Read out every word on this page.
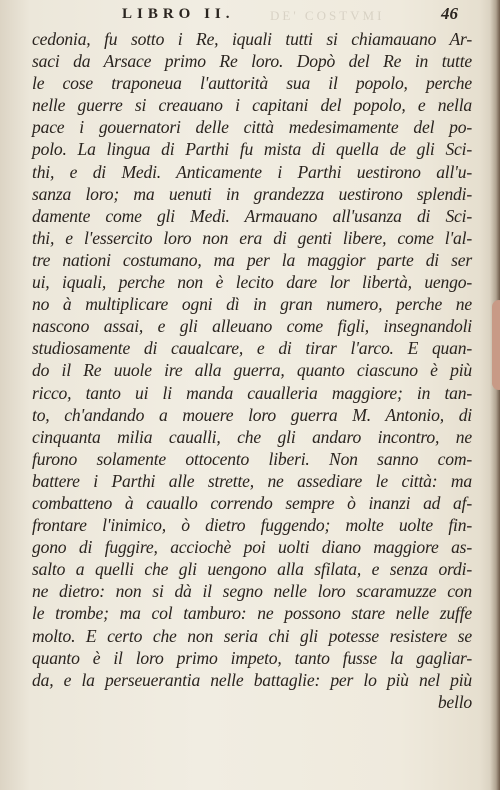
DE' COSTVMI
LIBRO II.	46
cedonia, fu sotto i Re, iquali tutti si chiamauano Ar-
saci da Arsace primo Re loro. Dopò del Re in tutte
le cose traponeua l'auttorità sua il popolo, perche
nelle guerre si creauano i capitani del popolo, e nella
pace i gouernatori delle città medesimamente del po-
polo. La lingua di Parthi fu mista di quella de gli Sci-
thi, e di Medi. Anticamente i Parthi uestirono all'u-
sanza loro; ma uenuti in grandezza uestirono splendi-
damente come gli Medi. Armauano all'usanza di Sci-
thi, e l'essercito loro non era di genti libere, come l'al-
tre nationi costumano, ma per la maggior parte di ser
ui, iquali, perche non è lecito dare lor libertà, uengo-
no à multiplicare ogni dì in gran numero, perche ne
nascono assai, e gli alleuano come figli, insegnandoli
studiosamente di caualcare, e di tirar l'arco. E quan-
do il Re uuole ire alla guerra, quanto ciascuno è più
ricco, tanto ui li manda caualleria maggiore; in tan-
to, ch'andando a mouere loro guerra M. Antonio, di
cinquanta milia caualli, che gli andaro incontro, ne
furono solamente ottocento liberi. Non sanno com-
battere i Parthi alle strette, ne assediare le città: ma
combatteno à cauallo correndo sempre ò inanzi ad af-
frontare l'inimico, ò dietro fuggendo; molte uolte fin-
gono di fuggire, acciochè poi uolti diano maggiore as-
salto a quelli che gli uengono alla sfilata, e senza ordi-
ne dietro: non si dà il segno nelle loro scaramuzze con
le trombe; ma col tamburo: ne possono stare nelle zuffe
molto. E certo che non seria chi gli potesse resistere se
quanto è il loro primo impeto, tanto fusse la gagliar-
da, e la perseuerantia nelle battaglie: per lo più nel più
bello
